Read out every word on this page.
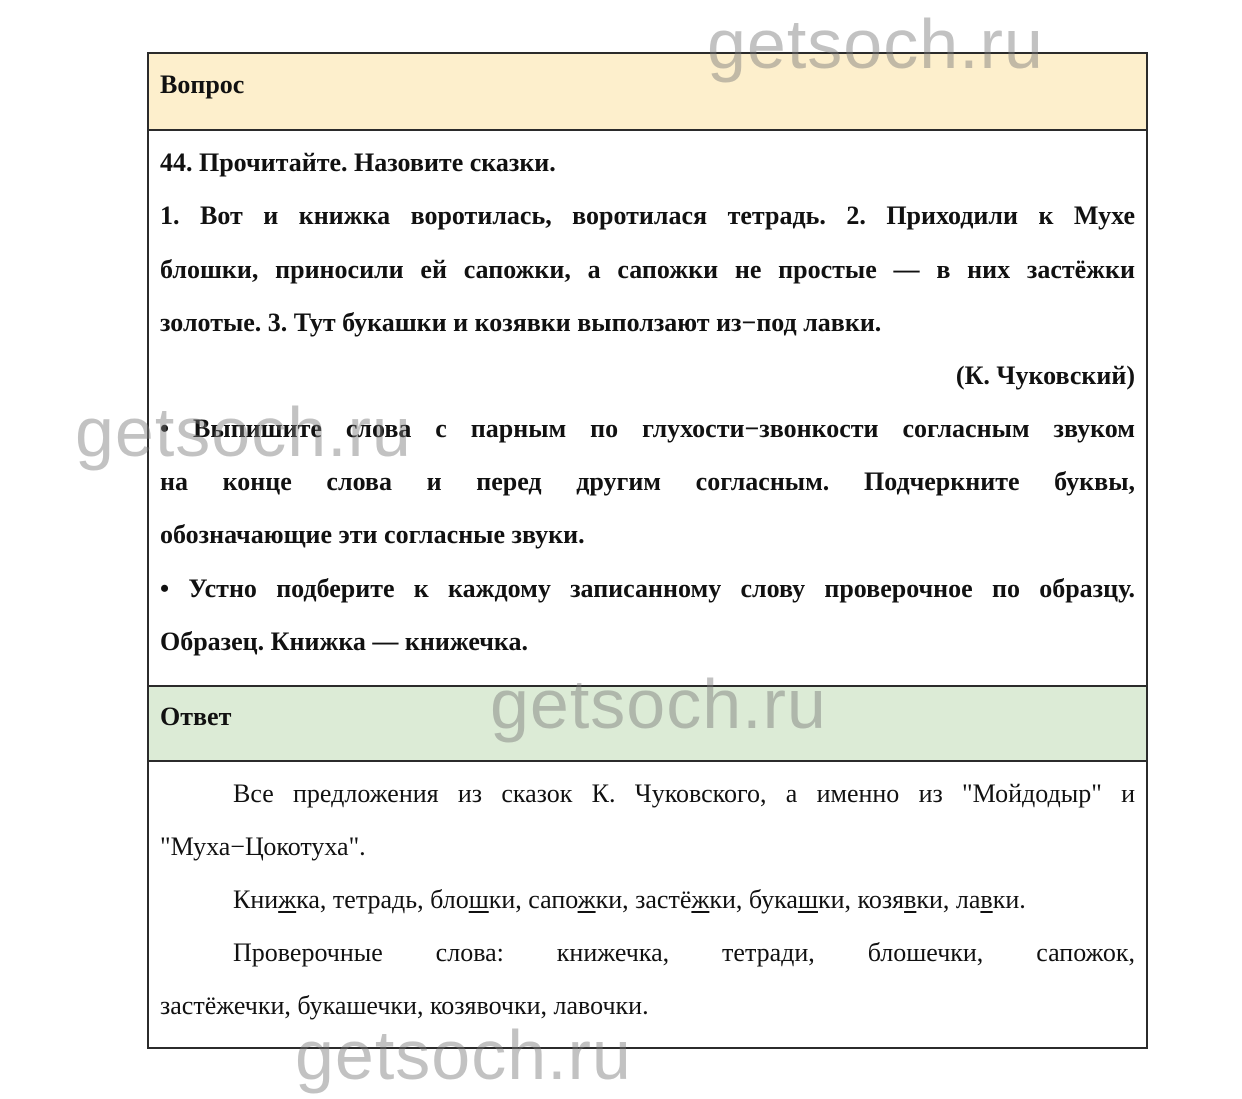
Вопрос
44. Прочитайте. Назовите сказки.
1. Вот и книжка воротилась, воротилася тетрадь. 2. Приходили к Мухе
блошки, приносили ей сапожки, а сапожки не простые — в них застёжки
золотые. 3. Тут букашки и козявки выползают из−под лавки.
(К. Чуковский)
• Выпишите слова с парным по глухости−звонкости согласным звуком
на конце слова и перед другим согласным. Подчеркните буквы,
обозначающие эти согласные звуки.
• Устно подберите к каждому записанному слову проверочное по образцу.
Образец. Книжка — книжечка.
Ответ
Все предложения из сказок К. Чуковского, а именно из "Мойдодыр" и
"Муха−Цокотуха".
Книжка, тетрадь, блошки, сапожки, застёжки, букашки, козявки, лавки.
Проверочные слова: книжечка, тетради, блошечки, сапожок,
застёжечки, букашечки, козявочки, лавочки.
getsoch.ru
getsoch.ru
getsoch.ru
getsoch.ru
